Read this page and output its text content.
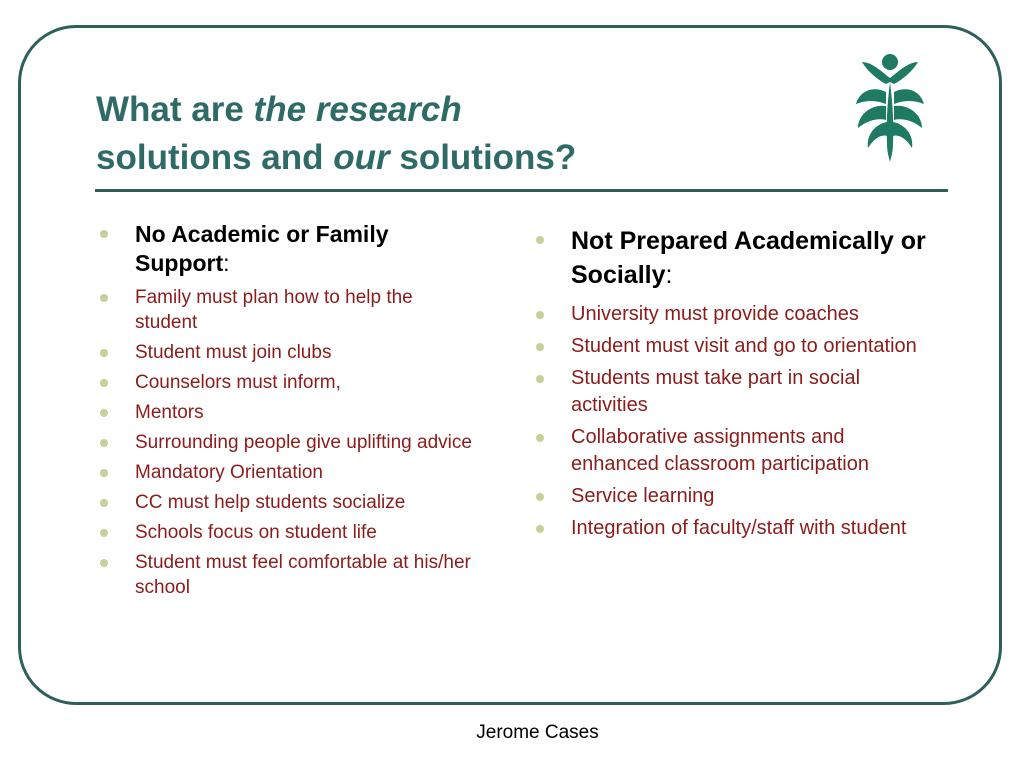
What are the research
solutions and our solutions?
No Academic or Family Support:
Family must plan how to help the student
Student must join clubs
Counselors must inform,
Mentors
Surrounding people give uplifting advice
Mandatory Orientation
CC must help students socialize
Schools focus on student life
Student must feel comfortable at his/her school
Not Prepared Academically or Socially:
University must provide coaches
Student must visit and go to orientation
Students must take part in social activities
Collaborative assignments and enhanced classroom participation
Service learning
Integration of faculty/staff with student
Jerome Cases
